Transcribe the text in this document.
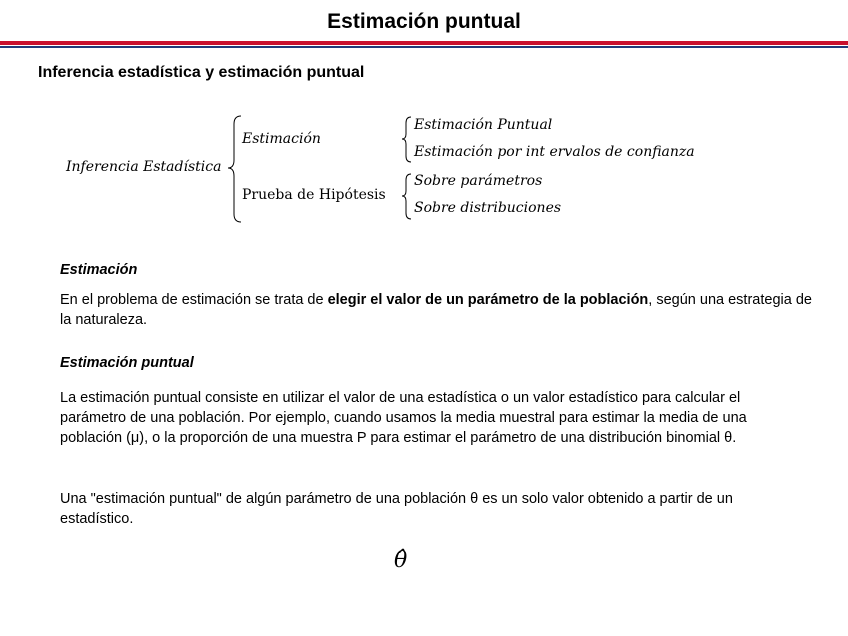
Estimación puntual
Inferencia estadística y estimación puntual
Inferencia Estadística
Estimación
Estimación Puntual
Estimación por int ervalos de confianza
Prueba de Hipótesis
Sobre parámetros
Sobre distribuciones
Estimación
En el problema de estimación se trata de elegir el valor de un parámetro de la población, según una estrategia de la naturaleza.
Estimación puntual
La estimación puntual consiste en utilizar el valor de una estadística o un valor estadístico para calcular el parámetro de una población. Por ejemplo, cuando usamos la media muestral para estimar la media de una población (μ), o la proporción de una muestra P para estimar el parámetro de una distribución binomial θ.
Una "estimación puntual" de algún parámetro de una población θ es un solo valor obtenido a partir de un estadístico.
θ̂
